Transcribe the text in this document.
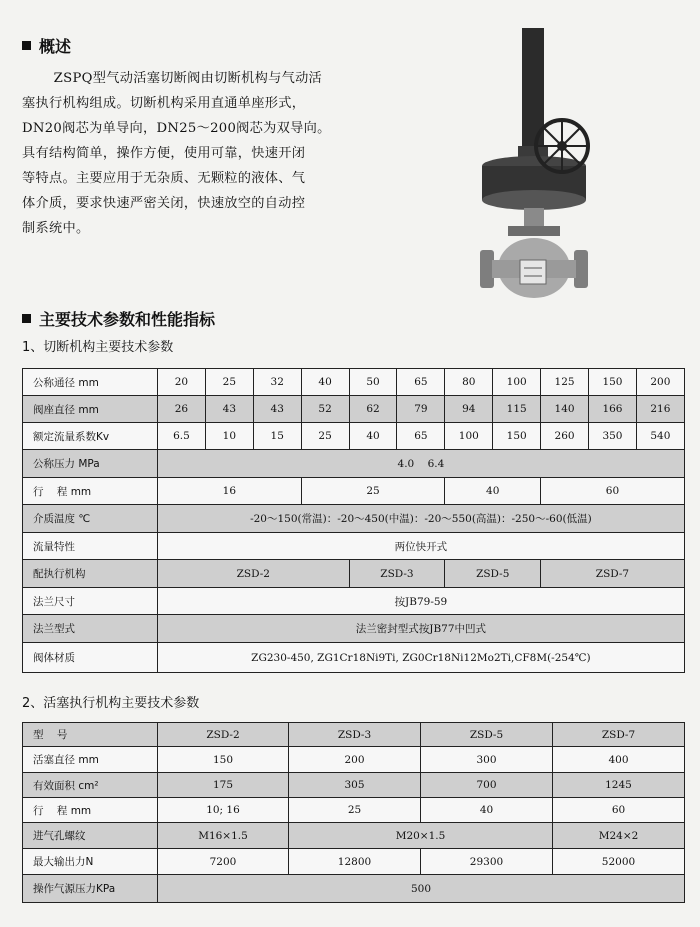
概述

ZSPQ型气动活塞切断阀由切断机构与气动活

塞执行机构组成。切断机构采用直通单座形式，

DN20阀芯为单导向，DN25～200阀芯为双导向。

具有结构简单，操作方便，使用可靠，快速开闭

等特点。主要应用于无杂质、无颗粒的液体、气

体介质，要求快速严密关闭，快速放空的自动控

制系统中。

主要技术参数和性能指标
1、切断机构主要技术参数
公称通径 mm	20	25	32	40	50	65	80	100	125	150	200
阀座直径 mm	26	43	43	52	62	79	94	115	140	166	216
额定流量系数Kv	6.5	10	15	25	40	65	100	150	260	350	540
公称压力 MPa	4.0    6.4										
行    程 mm	16			25			40		60		
介质温度 ℃	-20～150(常温)：-20～450(中温)：-20～550(高温)：-250～-60(低温)										
流量特性	两位快开式										
配执行机构	ZSD-2				ZSD-3		ZSD-5		ZSD-7		
法兰尺寸	按JB79-59										
法兰型式	法兰密封型式按JB77中凹式										
阀体材质	ZG230-450, ZG1Cr18Ni9Ti, ZG0Cr18Ni12Mo2Ti,CF8M(-254℃)										
2、活塞执行机构主要技术参数
型    号	ZSD-2	ZSD-3	ZSD-5	ZSD-7
活塞直径 mm	150	200	300	400
有效面积 cm²	175	305	700	1245
行    程 mm	10; 16	25	40	60
进气孔螺纹	M16×1.5	M20×1.5		M24×2
最大输出力N	7200	12800	29300	52000
操作气源压力KPa	500			
